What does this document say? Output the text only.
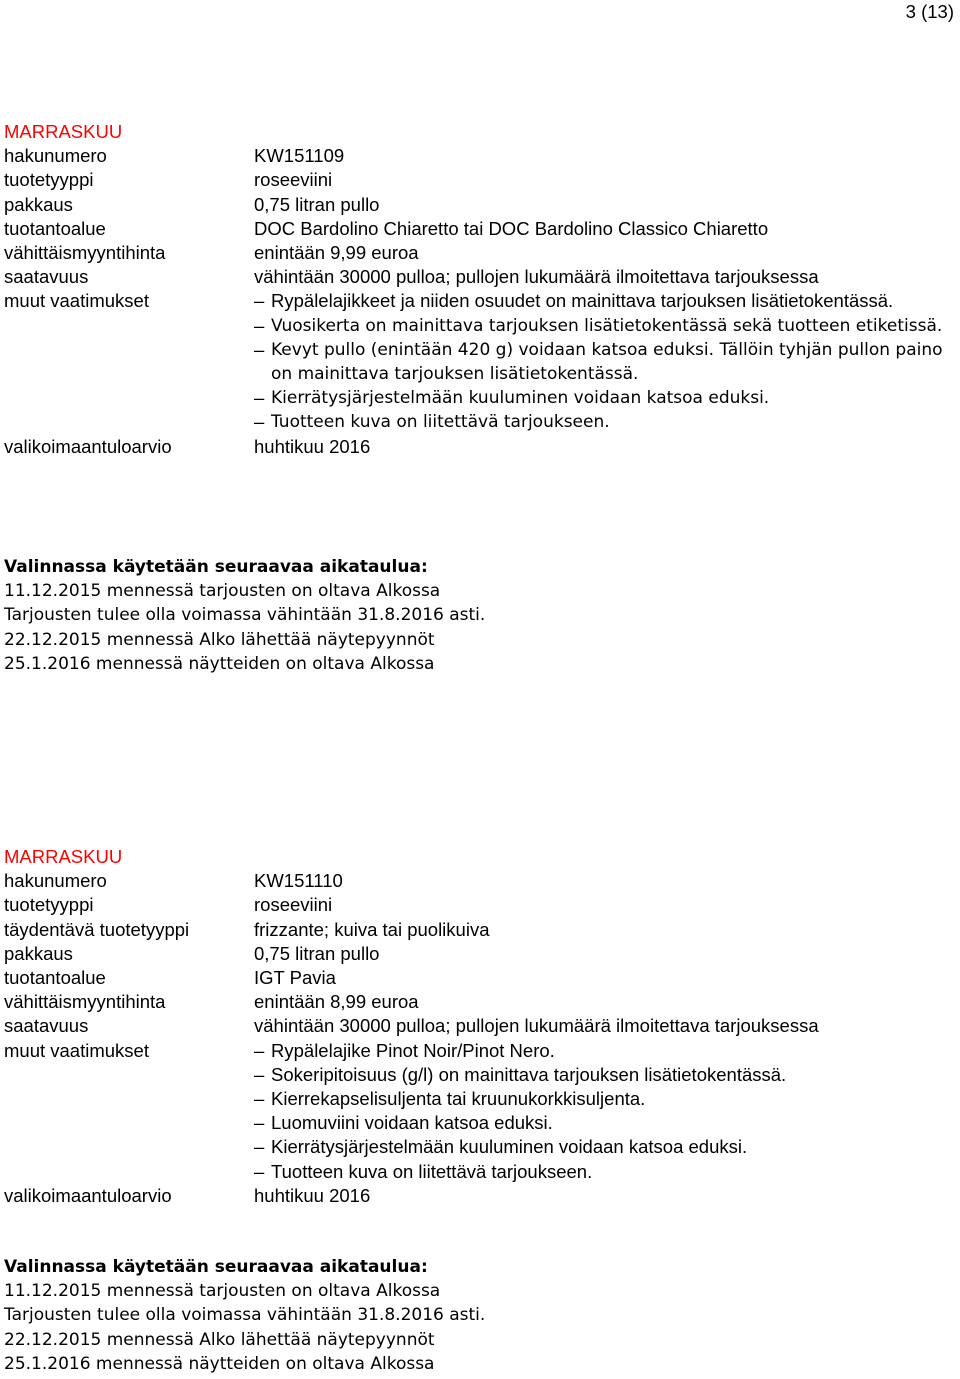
3 (13)
MARRASKUU
hakunumero	KW151109
tuotetyyppi	roseeviini
pakkaus	0,75 litran pullo
tuotantoalue	DOC Bardolino Chiaretto tai DOC Bardolino Classico Chiaretto
vähittäismyyntihinta	enintään 9,99 euroa
saatavuus	vähintään 30000 pulloa; pullojen lukumäärä ilmoitettava tarjouksessa
muut vaatimukset	– Rypälelajikkeet ja niiden osuudet on mainittava tarjouksen lisätietokentässä.
– Vuosikerta on mainittava tarjouksen lisätietokentässä sekä tuotteen etiketissä.
– Kevyt pullo (enintään 420 g) voidaan katsoa eduksi. Tällöin tyhjän pullon paino on mainittava tarjouksen lisätietokentässä.
– Kierrätysjärjestelmään kuuluminen voidaan katsoa eduksi.
– Tuotteen kuva on liitettävä tarjoukseen.
valikoimaantuloarvio	huhtikuu 2016
Valinnassa käytetään seuraavaa aikataulua:
11.12.2015 mennessä tarjousten on oltava Alkossa
Tarjousten tulee olla voimassa vähintään 31.8.2016 asti.
22.12.2015 mennessä Alko lähettää näytepyynnöt
25.1.2016 mennessä näytteiden on oltava Alkossa
MARRASKUU
hakunumero	KW151110
tuotetyyppi	roseeviini
täydentävä tuotetyyppi	frizzante; kuiva tai puolikuiva
pakkaus	0,75 litran pullo
tuotantoalue	IGT Pavia
vähittäismyyntihinta	enintään 8,99 euroa
saatavuus	vähintään 30000 pulloa; pullojen lukumäärä ilmoitettava tarjouksessa
muut vaatimukset	– Rypälelajike Pinot Noir/Pinot Nero.
– Sokeripitoisuus (g/l) on mainittava tarjouksen lisätietokentässä.
– Kierrekapselisuljenta tai kruunukorkkisuljenta.
– Luomuviini voidaan katsoa eduksi.
– Kierrätysjärjestelmään kuuluminen voidaan katsoa eduksi.
– Tuotteen kuva on liitettävä tarjoukseen.
valikoimaantuloarvio	huhtikuu 2016
Valinnassa käytetään seuraavaa aikataulua:
11.12.2015 mennessä tarjousten on oltava Alkossa
Tarjousten tulee olla voimassa vähintään 31.8.2016 asti.
22.12.2015 mennessä Alko lähettää näytepyynnöt
25.1.2016 mennessä näytteiden on oltava Alkossa
